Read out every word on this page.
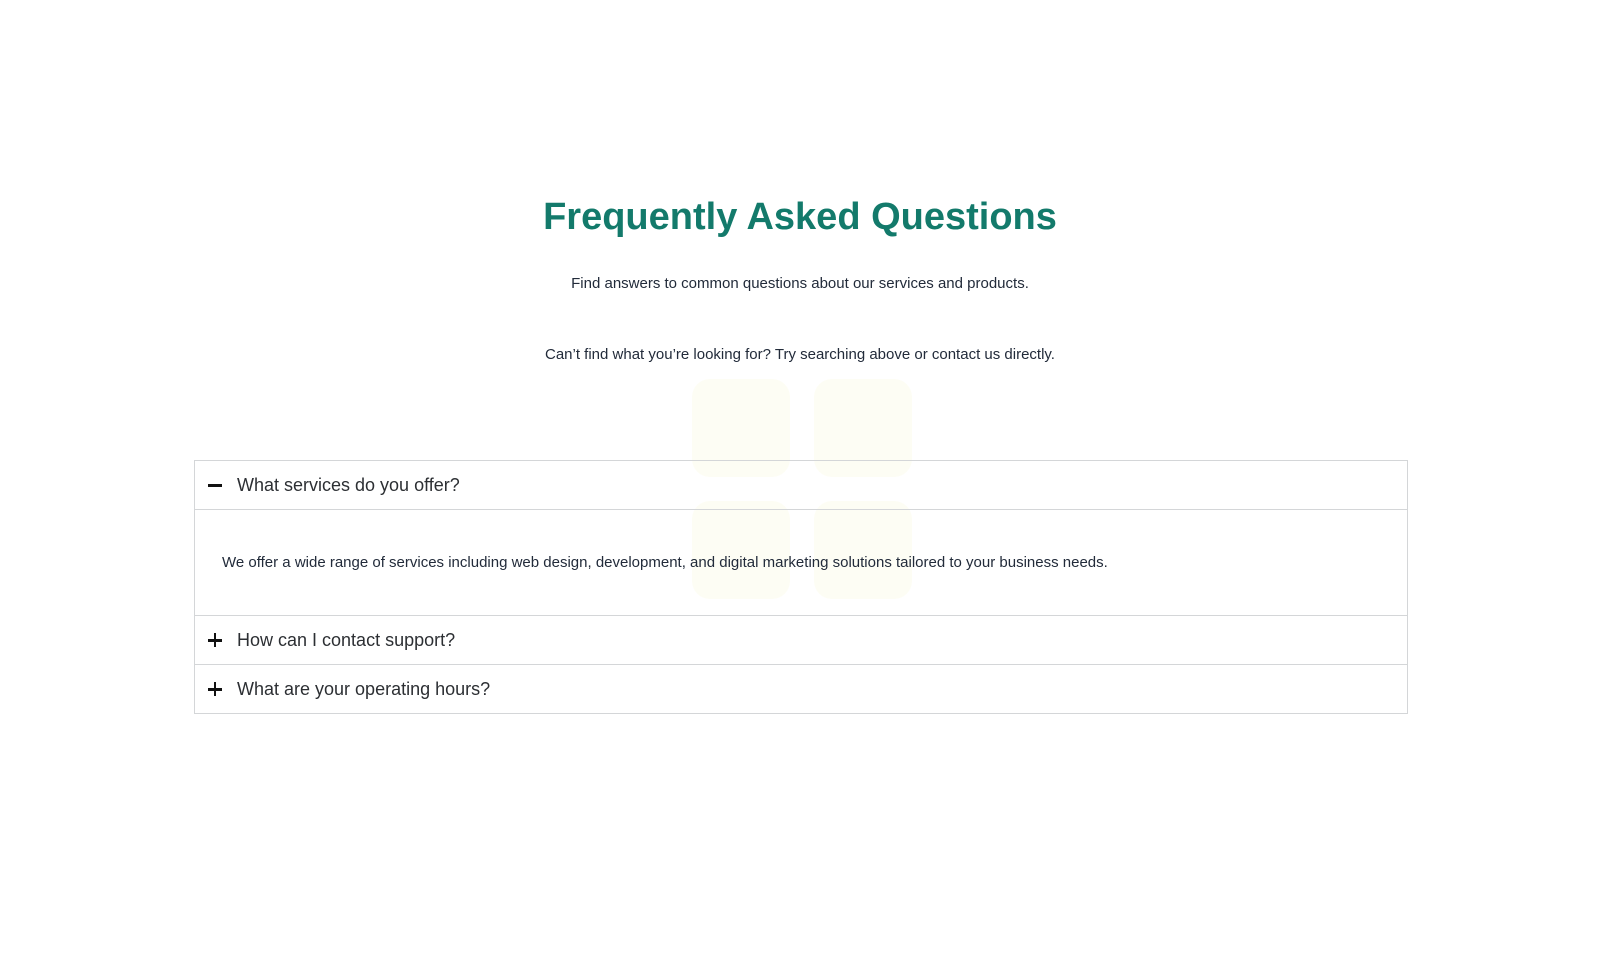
Frequently Asked Questions

Find answers to common questions about our services and products.

Can’t find what you’re looking for? Try searching above or contact us directly.

What services do you offer?
We offer a wide range of services including web design, development, and digital marketing solutions tailored to your business needs.
How can I contact support?
What are your operating hours?
